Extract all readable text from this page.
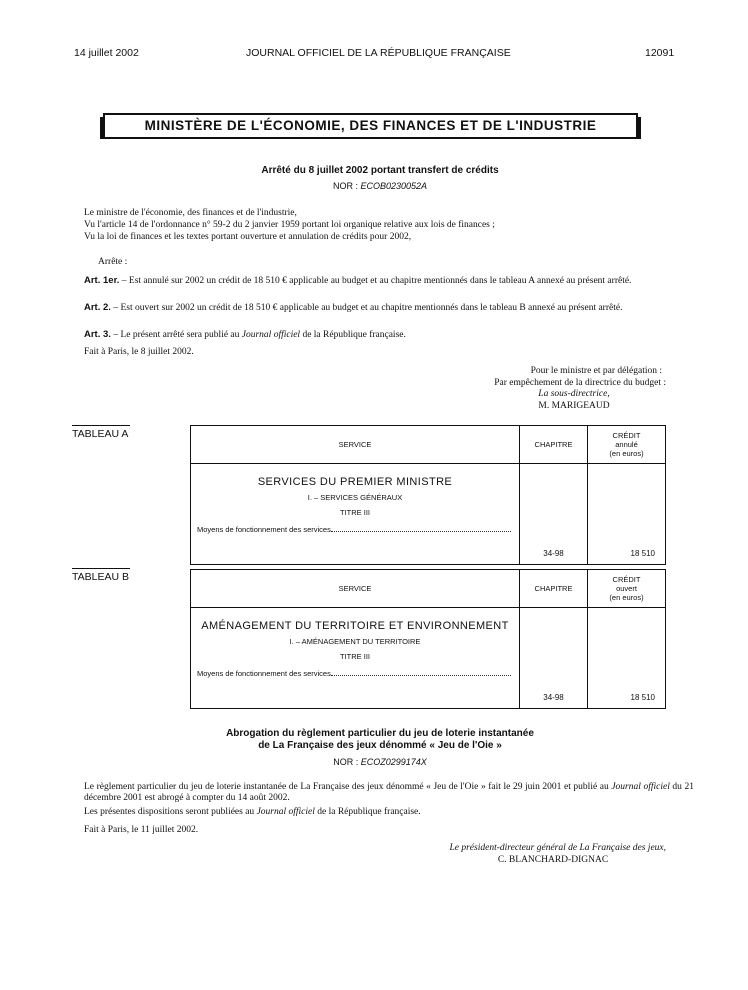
14 juillet 2002	JOURNAL OFFICIEL DE LA RÉPUBLIQUE FRANÇAISE	12091
MINISTÈRE DE L'ÉCONOMIE, DES FINANCES ET DE L'INDUSTRIE
Arrêté du 8 juillet 2002 portant transfert de crédits
NOR : ECOB0230052A
Le ministre de l'économie, des finances et de l'industrie,
Vu l'article 14 de l'ordonnance n° 59-2 du 2 janvier 1959 portant loi organique relative aux lois de finances ;
Vu la loi de finances et les textes portant ouverture et annulation de crédits pour 2002,
Arrête :
Art. 1er. – Est annulé sur 2002 un crédit de 18 510 € applicable au budget et au chapitre mentionnés dans le tableau A annexé au présent arrêté.
Art. 2. – Est ouvert sur 2002 un crédit de 18 510 € applicable au budget et au chapitre mentionnés dans le tableau B annexé au présent arrêté.
Art. 3. – Le présent arrêté sera publié au Journal officiel de la République française.
Fait à Paris, le 8 juillet 2002.
Pour le ministre et par délégation :
Par empêchement de la directrice du budget :
La sous-directrice,
M. MARIGEAUD
TABLEAU A
SERVICE	CHAPITRE	CRÉDIT
annulé
(en euros)

SERVICES DU PREMIER MINISTRE
I. – SERVICES GÉNÉRAUX
TITRE III
Moyens de fonctionnement des services	34-98	18 510
TABLEAU B
SERVICE	CHAPITRE	CRÉDIT
ouvert
(en euros)

AMÉNAGEMENT DU TERRITOIRE ET ENVIRONNEMENT
I. – AMÉNAGEMENT DU TERRITOIRE
TITRE III
Moyens de fonctionnement des services	34-98	18 510
Abrogation du règlement particulier du jeu de loterie instantanée
de La Française des jeux dénommé « Jeu de l'Oie »
NOR : ECOZ0299174X
Le règlement particulier du jeu de loterie instantanée de La Française des jeux dénommé « Jeu de l'Oie » fait le 29 juin 2001 et publié au Journal officiel du 21 décembre 2001 est abrogé à compter du 14 août 2002.
Les présentes dispositions seront publiées au Journal officiel de la République française.
Fait à Paris, le 11 juillet 2002.
Le président-directeur général de La Française des jeux,
C. BLANCHARD-DIGNAC
